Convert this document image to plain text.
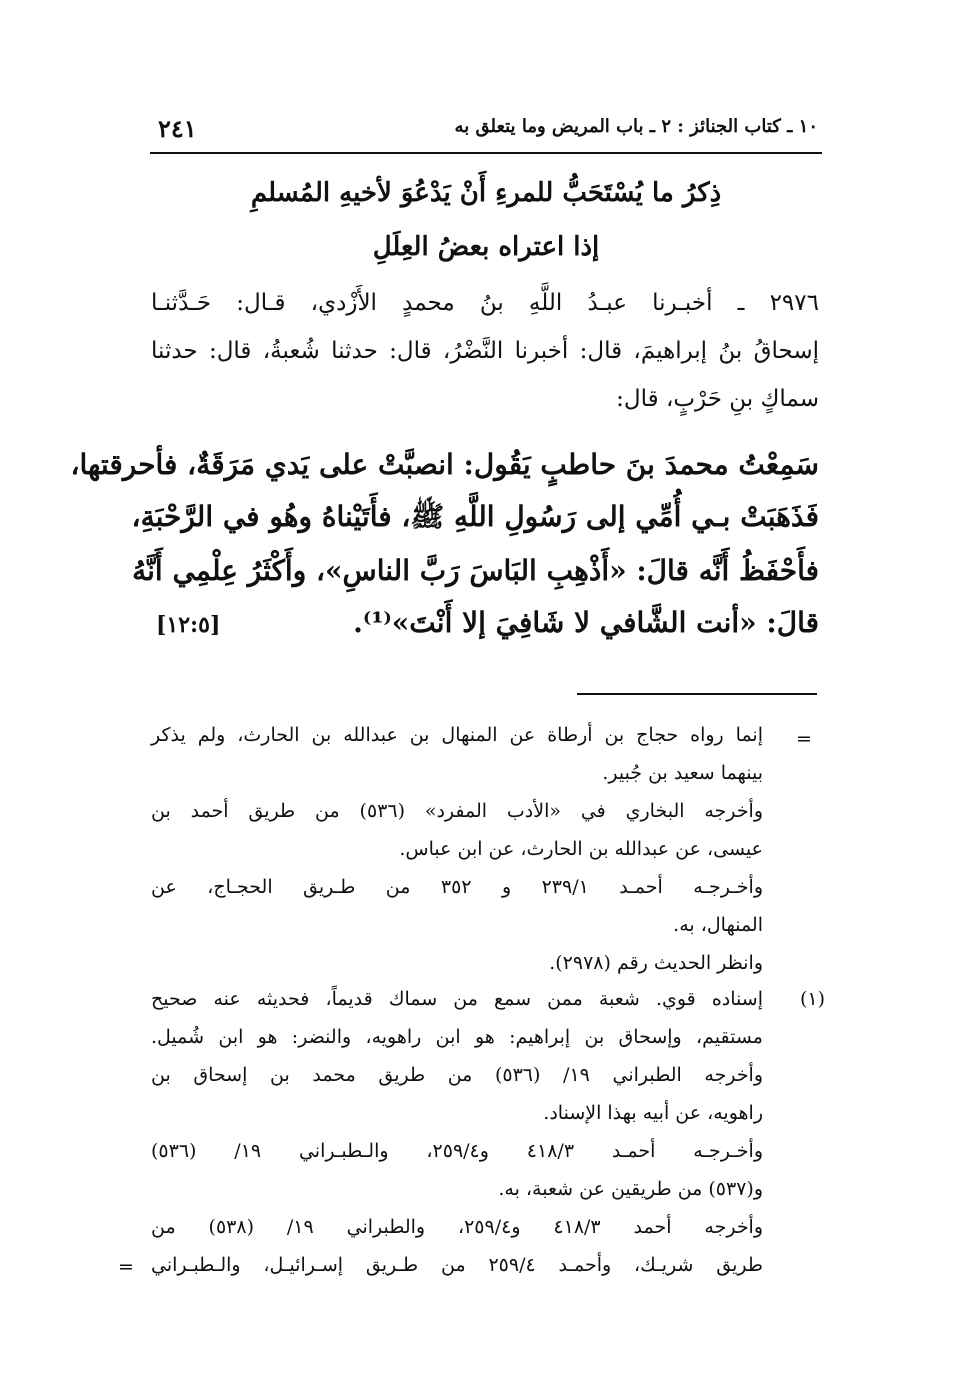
١٠ ـ كتاب الجنائز : ٢ ـ باب المريض وما يتعلق به
٢٤١
ذِكرُ ما يُسْتَحَبُّ للمرءِ أَنْ يَدْعُوَ لأخيهِ المُسلمِ
إذا اعتراه بعضُ العِلَلِ
٢٩٧٦ ـ أخبـرنا عبـدُ اللَّهِ بنُ محمدٍ الأَزْدي، قـال: حَـدَّثنـا
إسحاقُ بنُ إبراهيمَ، قال: أخبرنا النَّضْرُ، قال: حدثنا شُعبةُ، قال: حدثنا
سماكٍ بنِ حَرْبٍ، قال:
سَمِعْتُ محمدَ بنَ حاطبٍ يَقُول: انصبَّتْ على يَدي مَرَقَةٌ، فأحرقتها،
فَذَهَبَتْ بـي أُمِّي إلى رَسُولِ اللَّهِ ﷺ، فأَتَيْناهُ وهُو في الرَّحْبَةِ،
فأَحْفَظُ أَنَّه قالَ: «أَذْهِبِ البَاسَ رَبَّ الناسِ»، وأَكْثَرُ عِلْمِي أَنَّهُ
قالَ: «أنت الشَّافي لا شَافِيَ إلا أَنْتَ»⁽¹⁾.
[١٢:٥]
=
إنما رواه حجاج بن أرطاة عن المنهال بن عبدالله بن الحارث، ولم يذكر
بينهما سعيد بن جُبير.
وأخرجه البخاري في «الأدب المفرد» (٥٣٦) من طريق أحمد بن
عيسى، عن عبدالله بن الحارث، عن ابن عباس.
وأخـرجـه أحمـد ٢٣٩/١ و ٣٥٢ من طـريق الحجـاج، عن
المنهال، به.
وانظر الحديث رقم (٢٩٧٨).
(١)
إسناده قوي. شعبة ممن سمع من سماك قديماً، فحديثه عنه صحيح
مستقيم، وإسحاق بن إبراهيم: هو ابن راهويه، والنضر: هو ابن شُميل.
وأخرجه الطبراني ١٩/ (٥٣٦) من طريق محمد بن إسحاق بن
راهويه، عن أبيه بهذا الإسناد.
وأخـرجـه أحمـد ٤١٨/٣ و٢٥٩/٤، والـطبـراني ١٩/ (٥٣٦)
و(٥٣٧) من طريقين عن شعبة، به.
وأخرجه أحمد ٤١٨/٣ و٢٥٩/٤، والطبراني ١٩/ (٥٣٨) من
طريق شريـك، وأحمـد ٢٥٩/٤ من طـريق إسـرائيـل، والـطبـراني
=
